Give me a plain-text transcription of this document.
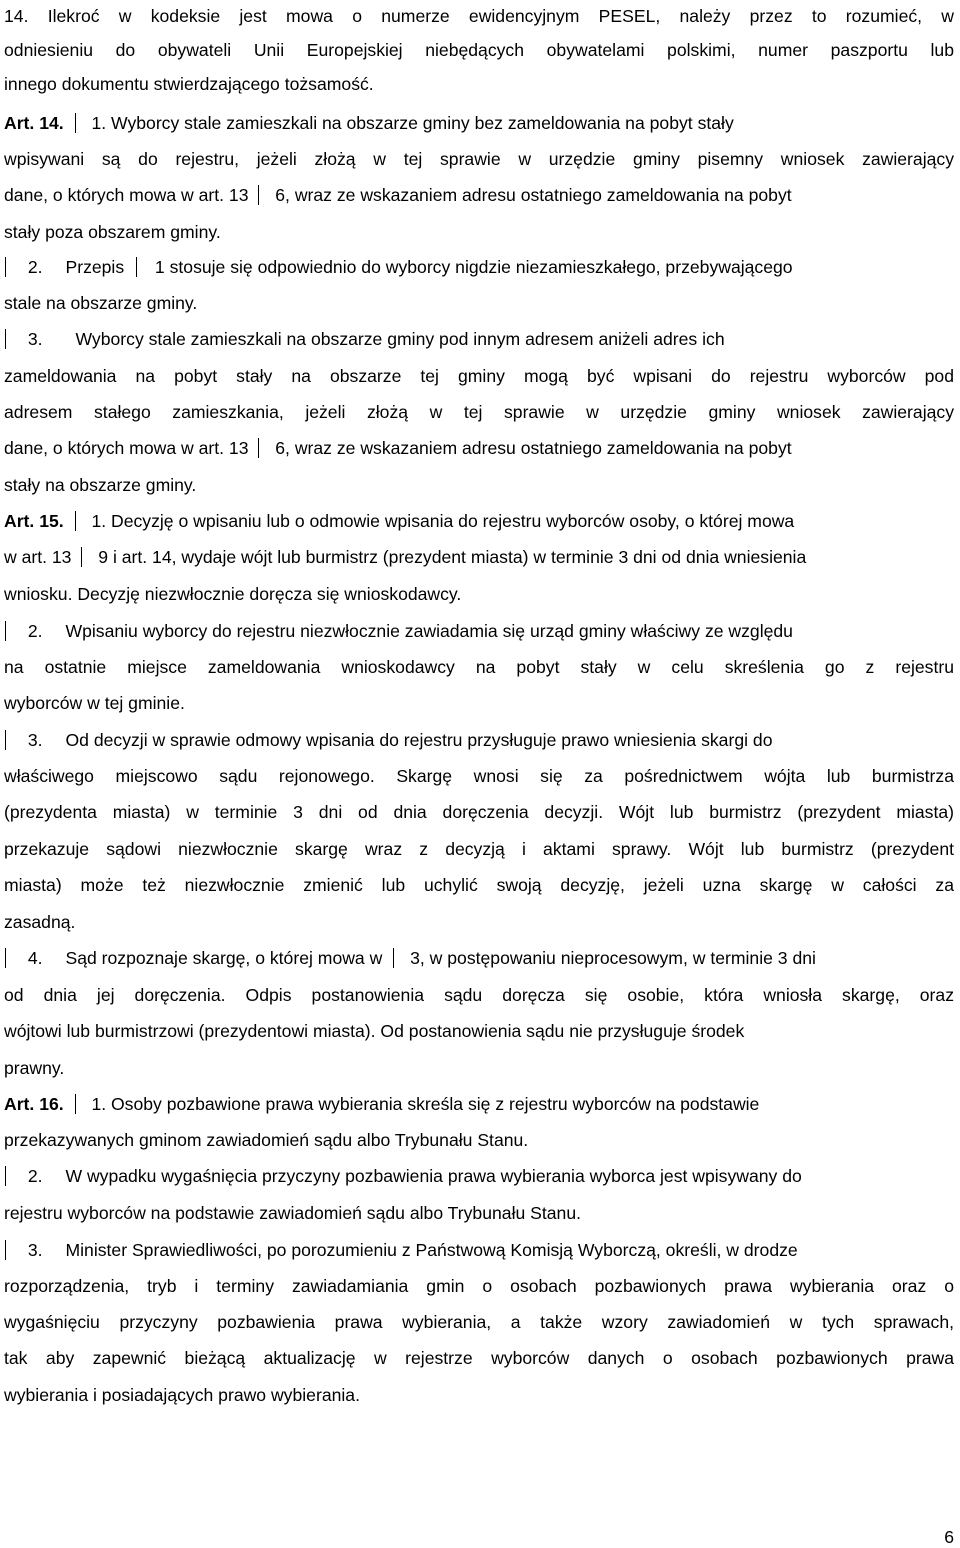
14. Ilekroć w kodeksie jest mowa o numerze ewidencyjnym PESEL, należy przez to rozumieć, w
odniesieniu do obywateli Unii Europejskiej niebędących obywatelami polskimi, numer paszportu lub
innego dokumentu stwierdzającego tożsamość.
Art. 14. 1. Wyborcy stale zamieszkali na obszarze gminy bez zameldowania na pobyt stały
wpisywani są do rejestru, jeżeli złożą w tej sprawie w urzędzie gminy pisemny wniosek zawierający
dane, o których mowa w art. 13 6, wraz ze wskazaniem adresu ostatniego zameldowania na pobyt
stały poza obszarem gminy.
2. Przepis 1 stosuje się odpowiednio do wyborcy nigdzie niezamieszkałego, przebywającego
stale na obszarze gminy.
3. Wyborcy stale zamieszkali na obszarze gminy pod innym adresem aniżeli adres ich
zameldowania na pobyt stały na obszarze tej gminy mogą być wpisani do rejestru wyborców pod
adresem stałego zamieszkania, jeżeli złożą w tej sprawie w urzędzie gminy wniosek zawierający
dane, o których mowa w art. 13 6, wraz ze wskazaniem adresu ostatniego zameldowania na pobyt
stały na obszarze gminy.
Art. 15. 1. Decyzję o wpisaniu lub o odmowie wpisania do rejestru wyborców osoby, o której mowa
w art. 13 9 i art. 14, wydaje wójt lub burmistrz (prezydent miasta) w terminie 3 dni od dnia wniesienia
wniosku. Decyzję niezwłocznie doręcza się wnioskodawcy.
2. Wpisaniu wyborcy do rejestru niezwłocznie zawiadamia się urząd gminy właściwy ze względu
na ostatnie miejsce zameldowania wnioskodawcy na pobyt stały w celu skreślenia go z rejestru
wyborców w tej gminie.
3. Od decyzji w sprawie odmowy wpisania do rejestru przysługuje prawo wniesienia skargi do
właściwego miejscowo sądu rejonowego. Skargę wnosi się za pośrednictwem wójta lub burmistrza
(prezydenta miasta) w terminie 3 dni od dnia doręczenia decyzji. Wójt lub burmistrz (prezydent miasta)
przekazuje sądowi niezwłocznie skargę wraz z decyzją i aktami sprawy. Wójt lub burmistrz (prezydent
miasta) może też niezwłocznie zmienić lub uchylić swoją decyzję, jeżeli uzna skargę w całości za
zasadną.
4. Sąd rozpoznaje skargę, o której mowa w 3, w postępowaniu nieprocesowym, w terminie 3 dni
od dnia jej doręczenia. Odpis postanowienia sądu doręcza się osobie, która wniosła skargę, oraz
wójtowi lub burmistrzowi (prezydentowi miasta). Od postanowienia sądu nie przysługuje środek
prawny.
Art. 16. 1. Osoby pozbawione prawa wybierania skreśla się z rejestru wyborców na podstawie
przekazywanych gminom zawiadomień sądu albo Trybunału Stanu.
2. W wypadku wygaśnięcia przyczyny pozbawienia prawa wybierania wyborca jest wpisywany do
rejestru wyborców na podstawie zawiadomień sądu albo Trybunału Stanu.
3. Minister Sprawiedliwości, po porozumieniu z Państwową Komisją Wyborczą, określi, w drodze
rozporządzenia, tryb i terminy zawiadamiania gmin o osobach pozbawionych prawa wybierania oraz o
wygaśnięciu przyczyny pozbawienia prawa wybierania, a także wzory zawiadomień w tych sprawach,
tak aby zapewnić bieżącą aktualizację w rejestrze wyborców danych o osobach pozbawionych prawa
wybierania i posiadających prawo wybierania.
6
